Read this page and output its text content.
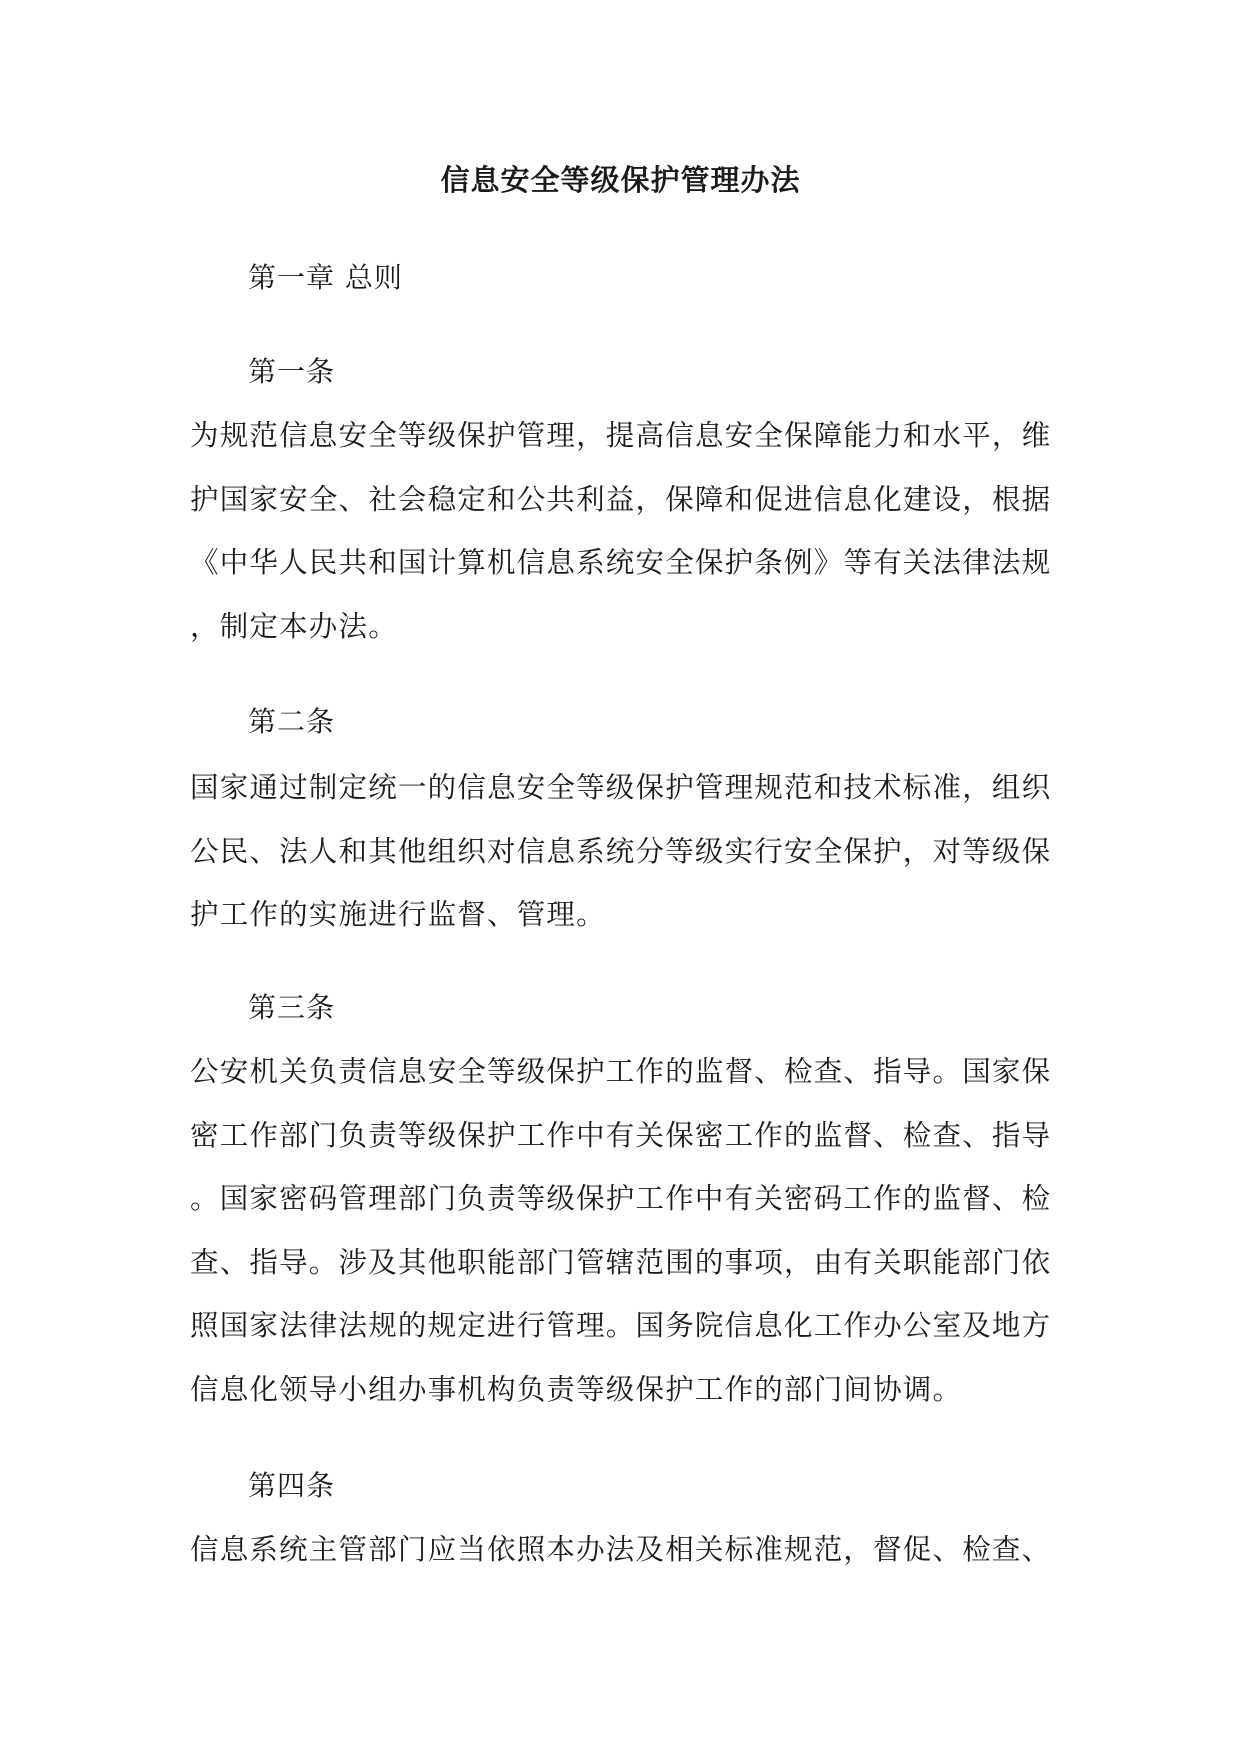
信息安全等级保护管理办法
第一章 总则
第一条
为规范信息安全等级保护管理，提高信息安全保障能力和水平，维
护国家安全、社会稳定和公共利益，保障和促进信息化建设，根据
《中华人民共和国计算机信息系统安全保护条例》等有关法律法规
，制定本办法。
第二条
国家通过制定统一的信息安全等级保护管理规范和技术标准，组织
公民、法人和其他组织对信息系统分等级实行安全保护，对等级保
护工作的实施进行监督、管理。
第三条
公安机关负责信息安全等级保护工作的监督、检查、指导。国家保
密工作部门负责等级保护工作中有关保密工作的监督、检查、指导
。国家密码管理部门负责等级保护工作中有关密码工作的监督、检
查、指导。涉及其他职能部门管辖范围的事项，由有关职能部门依
照国家法律法规的规定进行管理。国务院信息化工作办公室及地方
信息化领导小组办事机构负责等级保护工作的部门间协调。
第四条
信息系统主管部门应当依照本办法及相关标准规范，督促、检查、
